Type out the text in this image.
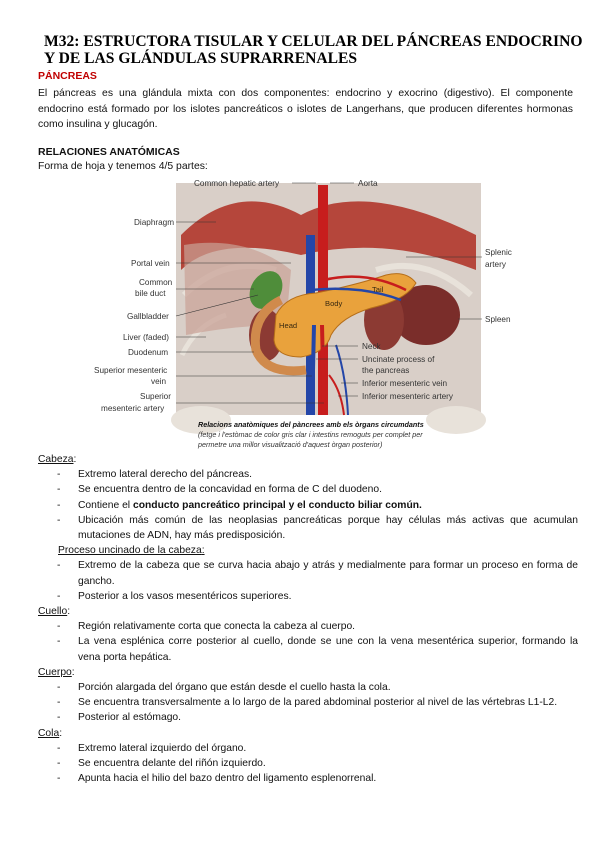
M32: ESTRUCTORA TISULAR Y CELULAR DEL PÁNCREAS ENDOCRINO Y DE LAS GLÁNDULAS SUPRARRENALES

PÁNCREAS

El páncreas es una glándula mixta con dos componentes: endocrino y exocrino (digestivo). El componente endocrino está formado por los islotes pancreáticos o islotes de Langerhans, que producen diferentes hormonas como insulina y glucagón.

RELACIONES ANATÓMICAS

Forma de hoja y tenemos 4/5 partes:

Body
Tail
Head
Common hepatic artery
Diaphragm
Portal vein
Common
bile duct
Gallbladder
Liver (faded)
Duodenum
Superior mesenteric
vein
Superior
mesenteric artery
Aorta
Splenic
artery
Spleen
Neck
Uncinate process of
the pancreas
Inferior mesenteric vein
Inferior mesenteric artery
Relacions anatòmiques del pàncrees amb els òrgans circumdants
(fetge i l'estòmac de color gris clar i intestins remoguts per complet per
permetre una millor visualització d'aquest òrgan posterior)

Cabeza:

- Extremo lateral derecho del páncreas.
- Se encuentra dentro de la concavidad en forma de C del duodeno.
- Contiene el conducto pancreático principal y el conducto biliar común.
- Ubicación más común de las neoplasias pancreáticas porque hay células más activas que acumulan mutaciones de ADN, hay más predisposición.

Proceso uncinado de la cabeza:

- Extremo de la cabeza que se curva hacia abajo y atrás y medialmente para formar un proceso en forma de gancho.
- Posterior a los vasos mesentéricos superiores.

Cuello:

- Región relativamente corta que conecta la cabeza al cuerpo.
- La vena esplénica corre posterior al cuello, donde se une con la vena mesentérica superior, formando la vena porta hepática.

Cuerpo:

- Porción alargada del órgano que están desde el cuello hasta la cola.
- Se encuentra transversalmente a lo largo de la pared abdominal posterior al nivel de las vértebras L1-L2.
- Posterior al estómago.

Cola:

- Extremo lateral izquierdo del órgano.
- Se encuentra delante del riñón izquierdo.
- Apunta hacia el hilio del bazo dentro del ligamento esplenorrenal.
